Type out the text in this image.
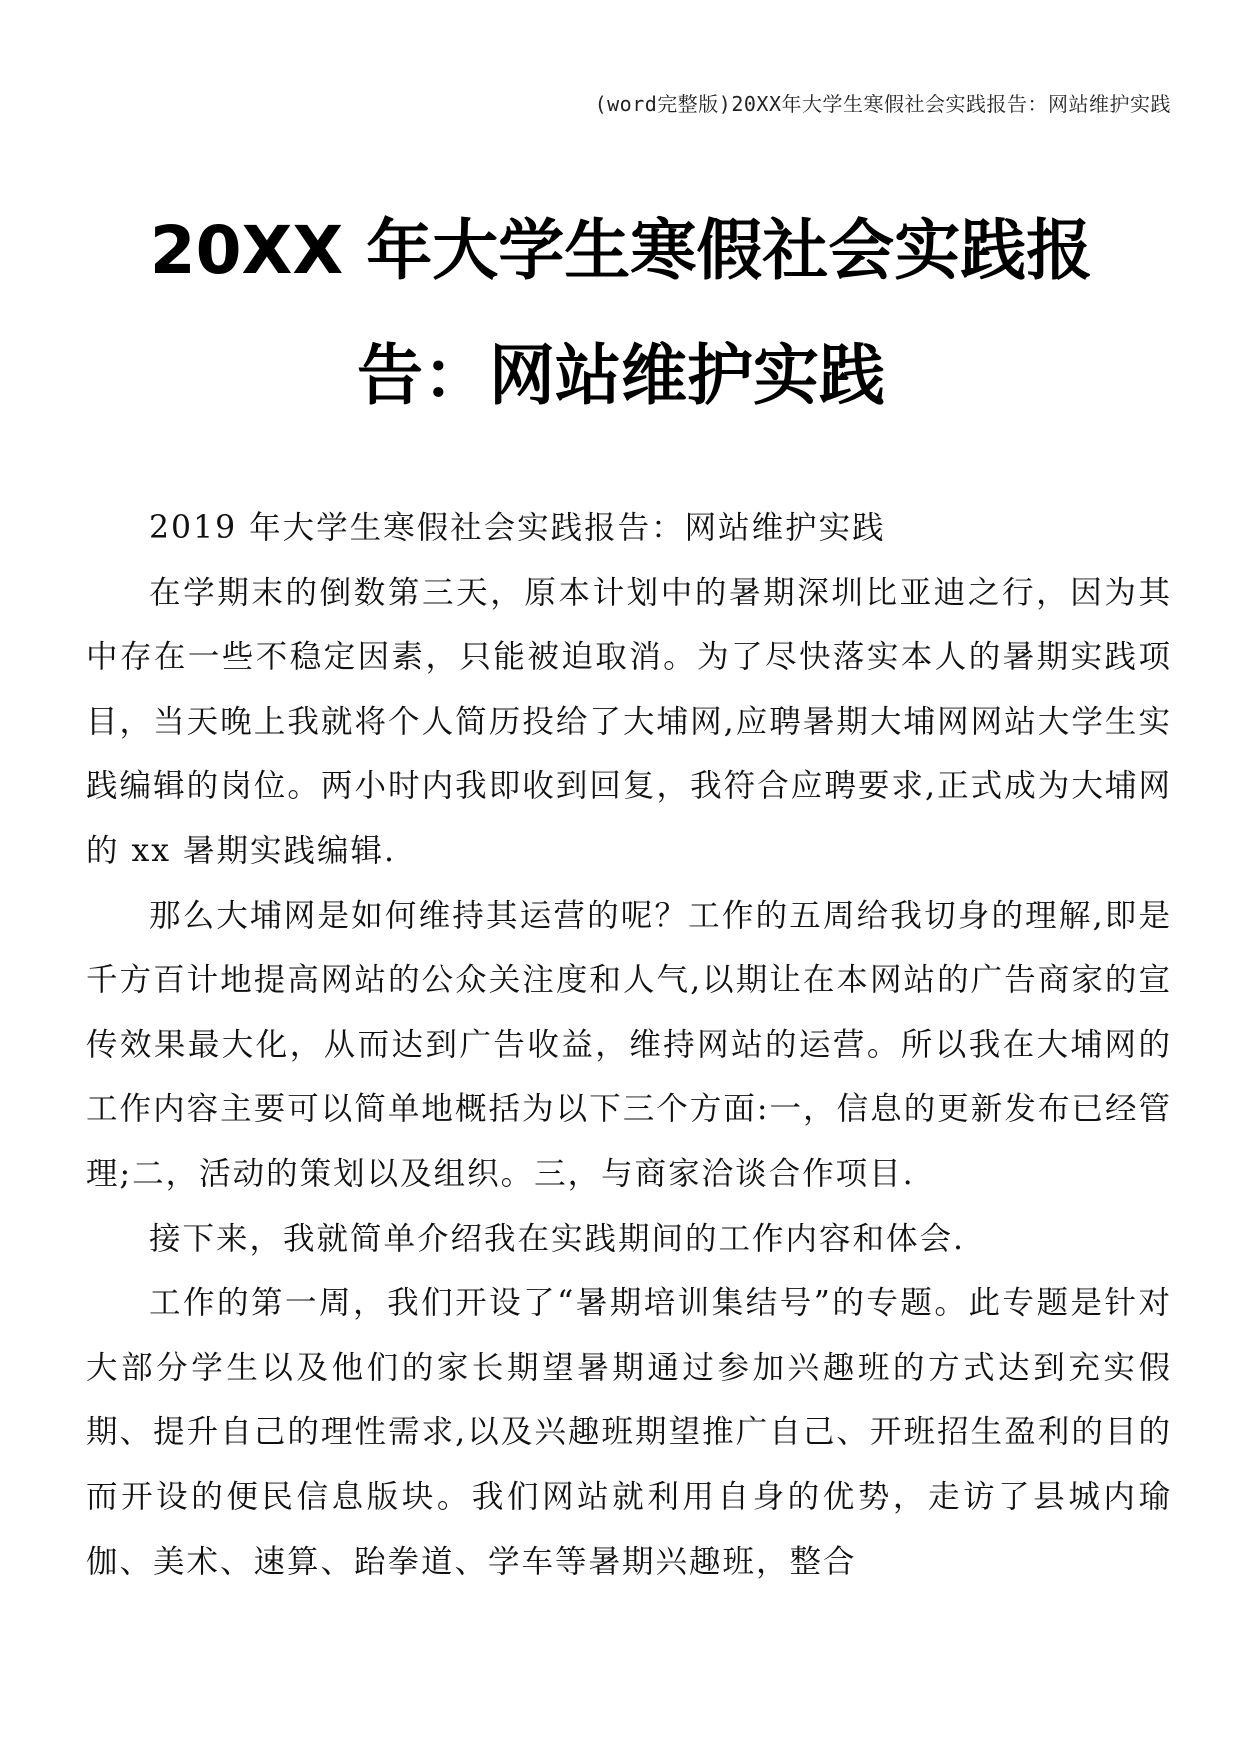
(word完整版)20XX年大学生寒假社会实践报告：网站维护实践
20XX 年大学生寒假社会实践报告：网站维护实践

2019 年大学生寒假社会实践报告：网站维护实践

在学期末的倒数第三天，原本计划中的暑期深圳比亚迪之行，因为其中存在一些不稳定因素，只能被迫取消。为了尽快落实本人的暑期实践项目，当天晚上我就将个人简历投给了大埔网,应聘暑期大埔网网站大学生实践编辑的岗位。两小时内我即收到回复，我符合应聘要求,正式成为大埔网的 xx 暑期实践编辑.

那么大埔网是如何维持其运营的呢？工作的五周给我切身的理解,即是千方百计地提高网站的公众关注度和人气,以期让在本网站的广告商家的宣传效果最大化，从而达到广告收益，维持网站的运营。所以我在大埔网的工作内容主要可以简单地概括为以下三个方面:一，信息的更新发布已经管理;二，活动的策划以及组织。三，与商家洽谈合作项目.

接下来，我就简单介绍我在实践期间的工作内容和体会.

工作的第一周，我们开设了“暑期培训集结号”的专题。此专题是针对大部分学生以及他们的家长期望暑期通过参加兴趣班的方式达到充实假期、提升自己的理性需求,以及兴趣班期望推广自己、开班招生盈利的目的而开设的便民信息版块。我们网站就利用自身的优势，走访了县城内瑜伽、美术、速算、跆拳道、学车等暑期兴趣班，整合
